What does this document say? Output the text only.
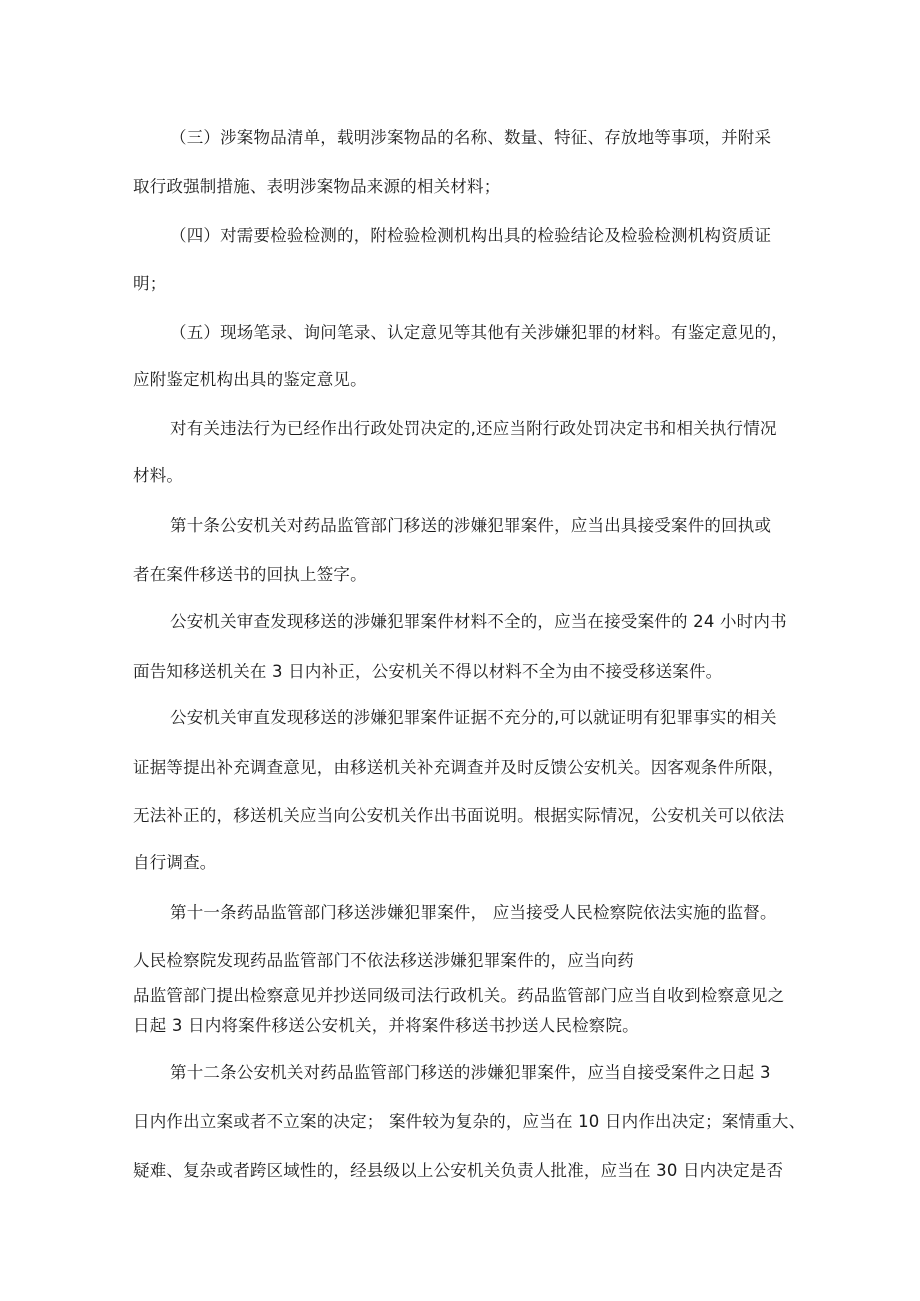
（三）涉案物品清单，载明涉案物品的名称、数量、特征、存放地等事项，并附采
取行政强制措施、表明涉案物品来源的相关材料；
（四）对需要检验检测的，附检验检测机构出具的检验结论及检验检测机构资质证
明；
（五）现场笔录、询问笔录、认定意见等其他有关涉嫌犯罪的材料。有鉴定意见的，
应附鉴定机构出具的鉴定意见。
对有关违法行为已经作出行政处罚决定的,还应当附行政处罚决定书和相关执行情况
材料。
第十条公安机关对药品监管部门移送的涉嫌犯罪案件，应当出具接受案件的回执或
者在案件移送书的回执上签字。
公安机关审查发现移送的涉嫌犯罪案件材料不全的，应当在接受案件的 24 小时内书
面告知移送机关在 3 日内补正，公安机关不得以材料不全为由不接受移送案件。
公安机关审直发现移送的涉嫌犯罪案件证据不充分的,可以就证明有犯罪事实的相关
证据等提出补充调查意见，由移送机关补充调查并及时反馈公安机关。因客观条件所限，
无法补正的，移送机关应当向公安机关作出书面说明。根据实际情况，公安机关可以依法
自行调查。
第十一条药品监管部门移送涉嫌犯罪案件， 应当接受人民检察院依法实施的监督。
人民检察院发现药品监管部门不依法移送涉嫌犯罪案件的，应当向药
品监管部门提出检察意见并抄送同级司法行政机关。药品监管部门应当自收到检察意见之
日起 3 日内将案件移送公安机关，并将案件移送书抄送人民检察院。
第十二条公安机关对药品监管部门移送的涉嫌犯罪案件，应当自接受案件之日起 3
日内作出立案或者不立案的决定； 案件较为复杂的，应当在 10 日内作出决定；案情重大、
疑难、复杂或者跨区域性的，经县级以上公安机关负责人批准，应当在 30 日内决定是否
